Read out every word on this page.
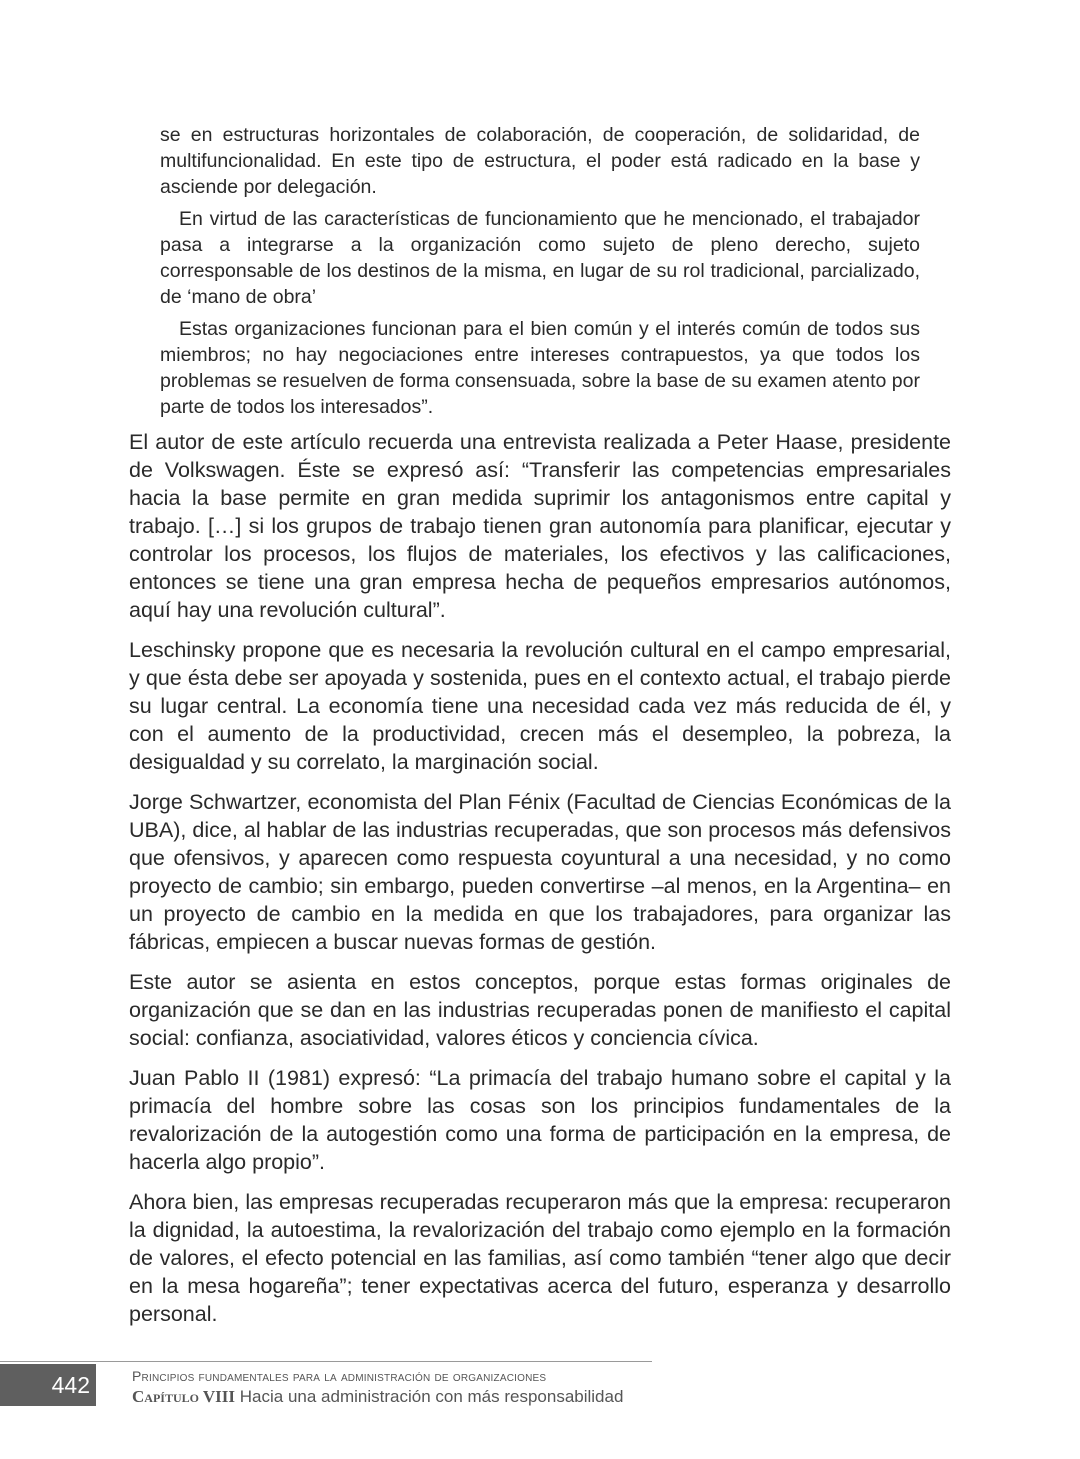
se en estructuras horizontales de colaboración, de cooperación, de solidaridad, de multifuncionalidad. En este tipo de estructura, el poder está radicado en la base y asciende por delegación.

En virtud de las características de funcionamiento que he mencionado, el trabajador pasa a integrarse a la organización como sujeto de pleno derecho, sujeto corresponsable de los destinos de la misma, en lugar de su rol tradicional, parcializado, de ‘mano de obra’

Estas organizaciones funcionan para el bien común y el interés común de todos sus miembros; no hay negociaciones entre intereses contrapuestos, ya que todos los problemas se resuelven de forma consensuada, sobre la base de su examen atento por parte de todos los interesados”.

El autor de este artículo recuerda una entrevista realizada a Peter Haase, presidente de Volkswagen. Éste se expresó así: “Transferir las competencias empresariales hacia la base permite en gran medida suprimir los antagonismos entre capital y trabajo. […] si los grupos de trabajo tienen gran autonomía para planificar, ejecutar y controlar los procesos, los flujos de materiales, los efectivos y las calificaciones, entonces se tiene una gran empresa hecha de pequeños empresarios autónomos, aquí hay una revolución cultural”.

Leschinsky propone que es necesaria la revolución cultural en el campo empresarial, y que ésta debe ser apoyada y sostenida, pues en el contexto actual, el trabajo pierde su lugar central. La economía tiene una necesidad cada vez más reducida de él, y con el aumento de la productividad, crecen más el desempleo, la pobreza, la desigualdad y su correlato, la marginación social.

Jorge Schwartzer, economista del Plan Fénix (Facultad de Ciencias Económicas de la UBA), dice, al hablar de las industrias recuperadas, que son procesos más defensivos que ofensivos, y aparecen como respuesta coyuntural a una necesidad, y no como proyecto de cambio; sin embargo, pueden convertirse –al menos, en la Argentina– en un proyecto de cambio en la medida en que los trabajadores, para organizar las fábricas, empiecen a buscar nuevas formas de gestión.

Este autor se asienta en estos conceptos, porque estas formas originales de organización que se dan en las industrias recuperadas ponen de manifiesto el capital social: confianza, asociatividad, valores éticos y conciencia cívica.

Juan Pablo II (1981) expresó: “La primacía del trabajo humano sobre el capital y la primacía del hombre sobre las cosas son los principios fundamentales de la revalorización de la autogestión como una forma de participación en la empresa, de hacerla algo propio”.

Ahora bien, las empresas recuperadas recuperaron más que la empresa: recuperaron la dignidad, la autoestima, la revalorización del trabajo como ejemplo en la formación de valores, el efecto potencial en las familias, así como también “tener algo que decir en la mesa hogareña”; tener expectativas acerca del futuro, esperanza y desarrollo personal.

442	Principios fundamentales para la administración de organizaciones
Capítulo VIII Hacia una administración con más responsabilidad
